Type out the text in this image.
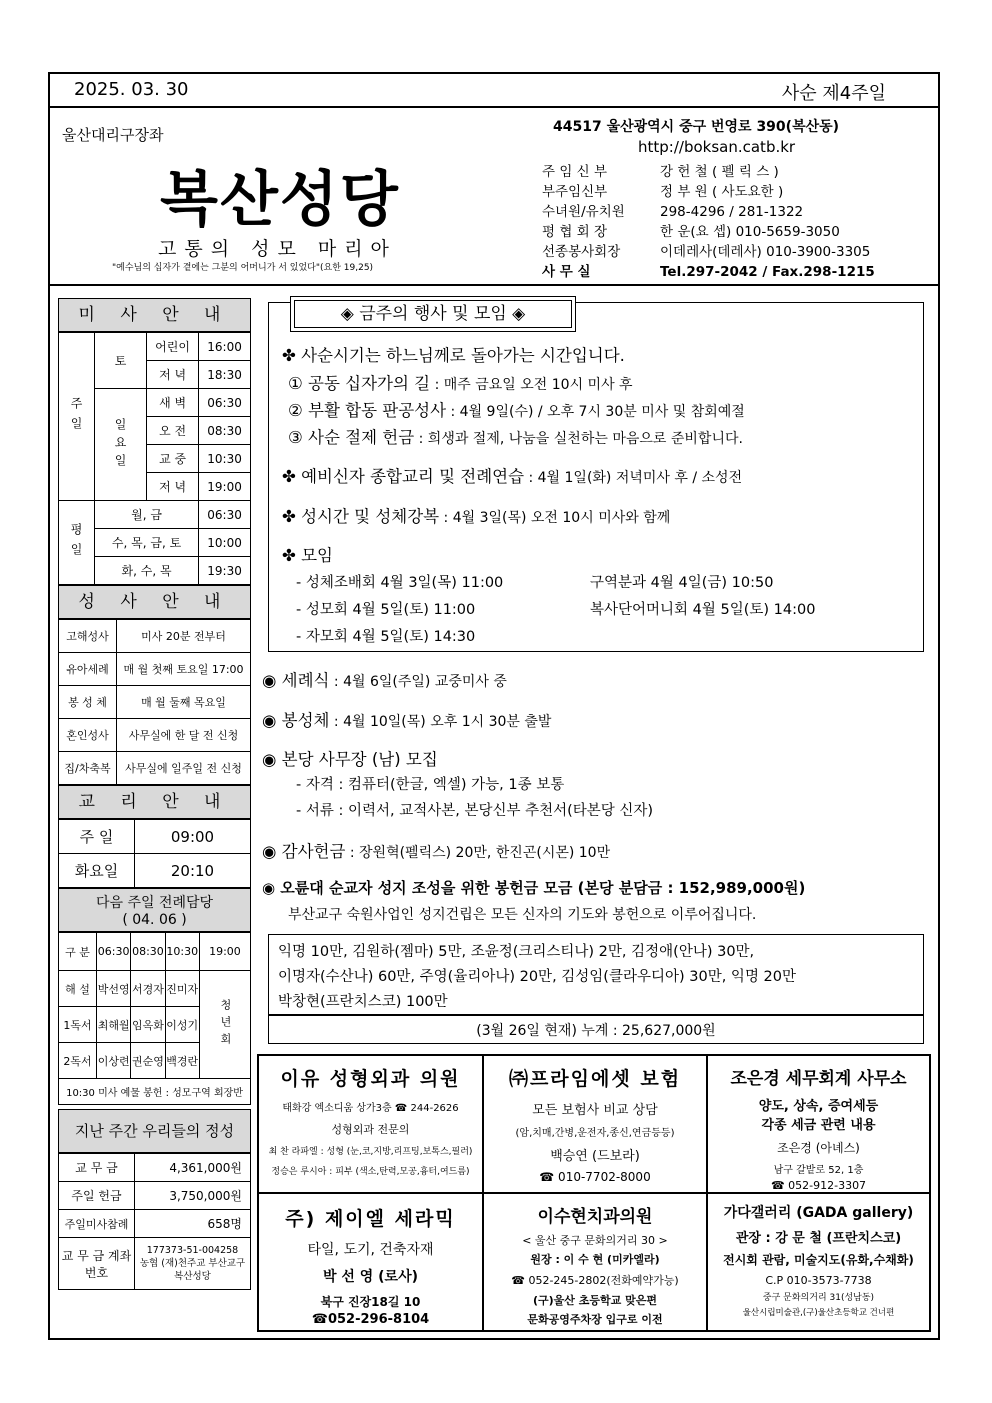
2025. 03. 30	사순 제4주일
울산대리구장좌
복산성당
고통의 성모 마리아
"예수님의 십자가 곁에는 그분의 어머니가 서 있었다"(요한 19,25)
44517 울산광역시 중구 번영로 390(복산동)
http://boksan.catb.kr
주 임 신 부	강 헌 철 ( 펠 릭 스 )
부주임신부	정 부 원 ( 사도요한 )
수녀원/유치원	298-4296 / 281-1322
평 협 회 장	한 운(요 셉) 010-5659-3050
선종봉사회장	이데레사(데레사) 010-3900-3305
사 무 실	Tel.297-2042 / Fax.298-1215
미 사 안 내
주일	토	어린이	16:00
		저 녁	18:30
	일요일	새 벽	06:30
		오 전	08:30
		교 중	10:30
		저 녁	19:00
평일	월, 금		06:30
	수, 목, 금, 토		10:00
	화, 수, 목		19:30
성 사 안 내
고해성사	미사 20분 전부터
유아세례	매 월 첫째 토요일 17:00
봉 성 체	매 월 둘째 목요일
혼인성사	사무실에 한 달 전 신청
집/차축복	사무실에 일주일 전 신청
교 리 안 내
주 일	09:00
화요일	20:10
다음 주일 전례담당
( 04. 06 )
구 분	06:30	08:30	10:30	19:00
해 설	박선영	서경자	진미자	청년회
1독서	최해월	임옥화	이성기	
2독서	이상련	권순영	백경란	
10:30 미사 예물 봉헌 : 성모구역 회장반				
지난 주간 우리들의 정성
교 무 금	4,361,000원
주일 헌금	3,750,000원
주일미사참례	658명
교 무 금 계좌번호	177373-51-004258
농협 (재)천주교 부산교구
복산성당
◈ 금주의 행사 및 모임 ◈
✤ 사순시기는 하느님께로 돌아가는 시간입니다.
① 공동 십자가의 길 : 매주 금요일 오전 10시 미사 후
② 부활 합동 판공성사 : 4월 9일(수) / 오후 7시 30분 미사 및 참회예절
③ 사순 절제 헌금 : 희생과 절제, 나눔을 실천하는 마음으로 준비합니다.
✤ 예비신자 종합교리 및 전례연습 : 4월 1일(화) 저녁미사 후 / 소성전
✤ 성시간 및 성체강복 : 4월 3일(목) 오전 10시 미사와 함께
✤ 모임
- 성체조배회 4월 3일(목) 11:00	구역분과 4월 4일(금) 10:50
- 성모회 4월 5일(토) 11:00	복사단어머니회 4월 5일(토) 14:00
- 자모회 4월 5일(토) 14:30
◉ 세례식 : 4월 6일(주일) 교중미사 중
◉ 봉성체 : 4월 10일(목) 오후 1시 30분 출발
◉ 본당 사무장 (남) 모집
- 자격 : 컴퓨터(한글, 엑셀) 가능, 1종 보통
- 서류 : 이력서, 교적사본, 본당신부 추천서(타본당 신자)
◉ 감사헌금 : 장원혁(펠릭스) 20만, 한진곤(시몬) 10만
◉ 오륜대 순교자 성지 조성을 위한 봉헌금 모금 (본당 분담금 : 152,989,000원)
부산교구 숙원사업인 성지건립은 모든 신자의 기도와 봉헌으로 이루어집니다.
익명 10만, 김원하(젬마) 5만, 조윤정(크리스티나) 2만, 김정애(안나) 30만,
이명자(수산나) 60만, 주영(율리아나) 20만, 김성임(클라우디아) 30만, 익명 20만
박창현(프란치스코) 100만
(3월 26일 현재) 누계 : 25,627,000원
이유 성형외과 의원
태화강 엑소디움 상가3층 ☎ 244-2626
성형외과 전문의
최 찬 라파엘 : 성형 (눈,코,지방,리프팅,보톡스,필러)
정승은 루시아 : 피부 (색소,탄력,모공,흉터,여드름)
㈜프라임에셋 보험
모든 보험사 비교 상담
(암,치매,간병,운전자,종신,연금등등)
백승연 (드보라)
☎ 010-7702-8000
조은경 세무회계 사무소
양도, 상속, 증여세등
각종 세금 관련 내용
조은경 (아녜스)
남구 갈밭로 52, 1층
☎ 052-912-3307
주) 제이엘 세라믹
타일, 도기, 건축자재
박 선 영 (로사)
북구 진장18길 10
☎052-296-8104
이수현치과의원
< 울산 중구 문화의거리 30 >
원장 : 이 수 현 (미카엘라)
☎ 052-245-2802(전화예약가능)
(구)울산 초등학교 맞은편
문화공영주차장 입구로 이전
가다갤러리 (GADA gallery)
관장 : 강 문 철 (프란치스코)
전시회 관람, 미술지도(유화,수채화)
C.P 010-3573-7738
중구 문화의거리 31(성남동)
울산시립미술관,(구)울산초등학교 건너편
